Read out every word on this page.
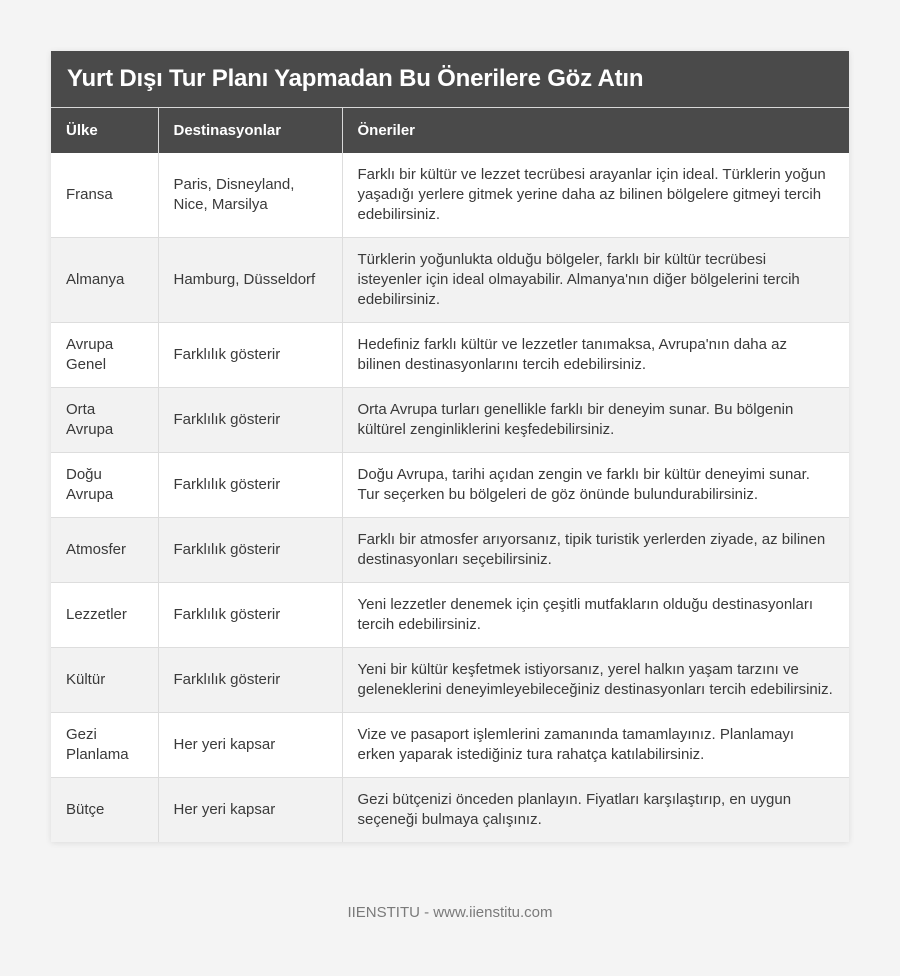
Yurt Dışı Tur Planı Yapmadan Bu Önerilere Göz Atın
Ülke	Destinasyonlar	Öneriler
Fransa	Paris, Disneyland, Nice, Marsilya	Farklı bir kültür ve lezzet tecrübesi arayanlar için ideal. Türklerin yoğun yaşadığı yerlere gitmek yerine daha az bilinen bölgelere gitmeyi tercih edebilirsiniz.
Almanya	Hamburg, Düsseldorf	Türklerin yoğunlukta olduğu bölgeler, farklı bir kültür tecrübesi isteyenler için ideal olmayabilir. Almanya'nın diğer bölgelerini tercih edebilirsiniz.
Avrupa Genel	Farklılık gösterir	Hedefiniz farklı kültür ve lezzetler tanımaksa, Avrupa'nın daha az bilinen destinasyonlarını tercih edebilirsiniz.
Orta Avrupa	Farklılık gösterir	Orta Avrupa turları genellikle farklı bir deneyim sunar. Bu bölgenin kültürel zenginliklerini keşfedebilirsiniz.
Doğu Avrupa	Farklılık gösterir	Doğu Avrupa, tarihi açıdan zengin ve farklı bir kültür deneyimi sunar. Tur seçerken bu bölgeleri de göz önünde bulundurabilirsiniz.
Atmosfer	Farklılık gösterir	Farklı bir atmosfer arıyorsanız, tipik turistik yerlerden ziyade, az bilinen destinasyonları seçebilirsiniz.
Lezzetler	Farklılık gösterir	Yeni lezzetler denemek için çeşitli mutfakların olduğu destinasyonları tercih edebilirsiniz.
Kültür	Farklılık gösterir	Yeni bir kültür keşfetmek istiyorsanız, yerel halkın yaşam tarzını ve geleneklerini deneyimleyebileceğiniz destinasyonları tercih edebilirsiniz.
Gezi Planlama	Her yeri kapsar	Vize ve pasaport işlemlerini zamanında tamamlayınız. Planlamayı erken yaparak istediğiniz tura rahatça katılabilirsiniz.
Bütçe	Her yeri kapsar	Gezi bütçenizi önceden planlayın. Fiyatları karşılaştırıp, en uygun seçeneği bulmaya çalışınız.
IIENSTITU - www.iienstitu.com
